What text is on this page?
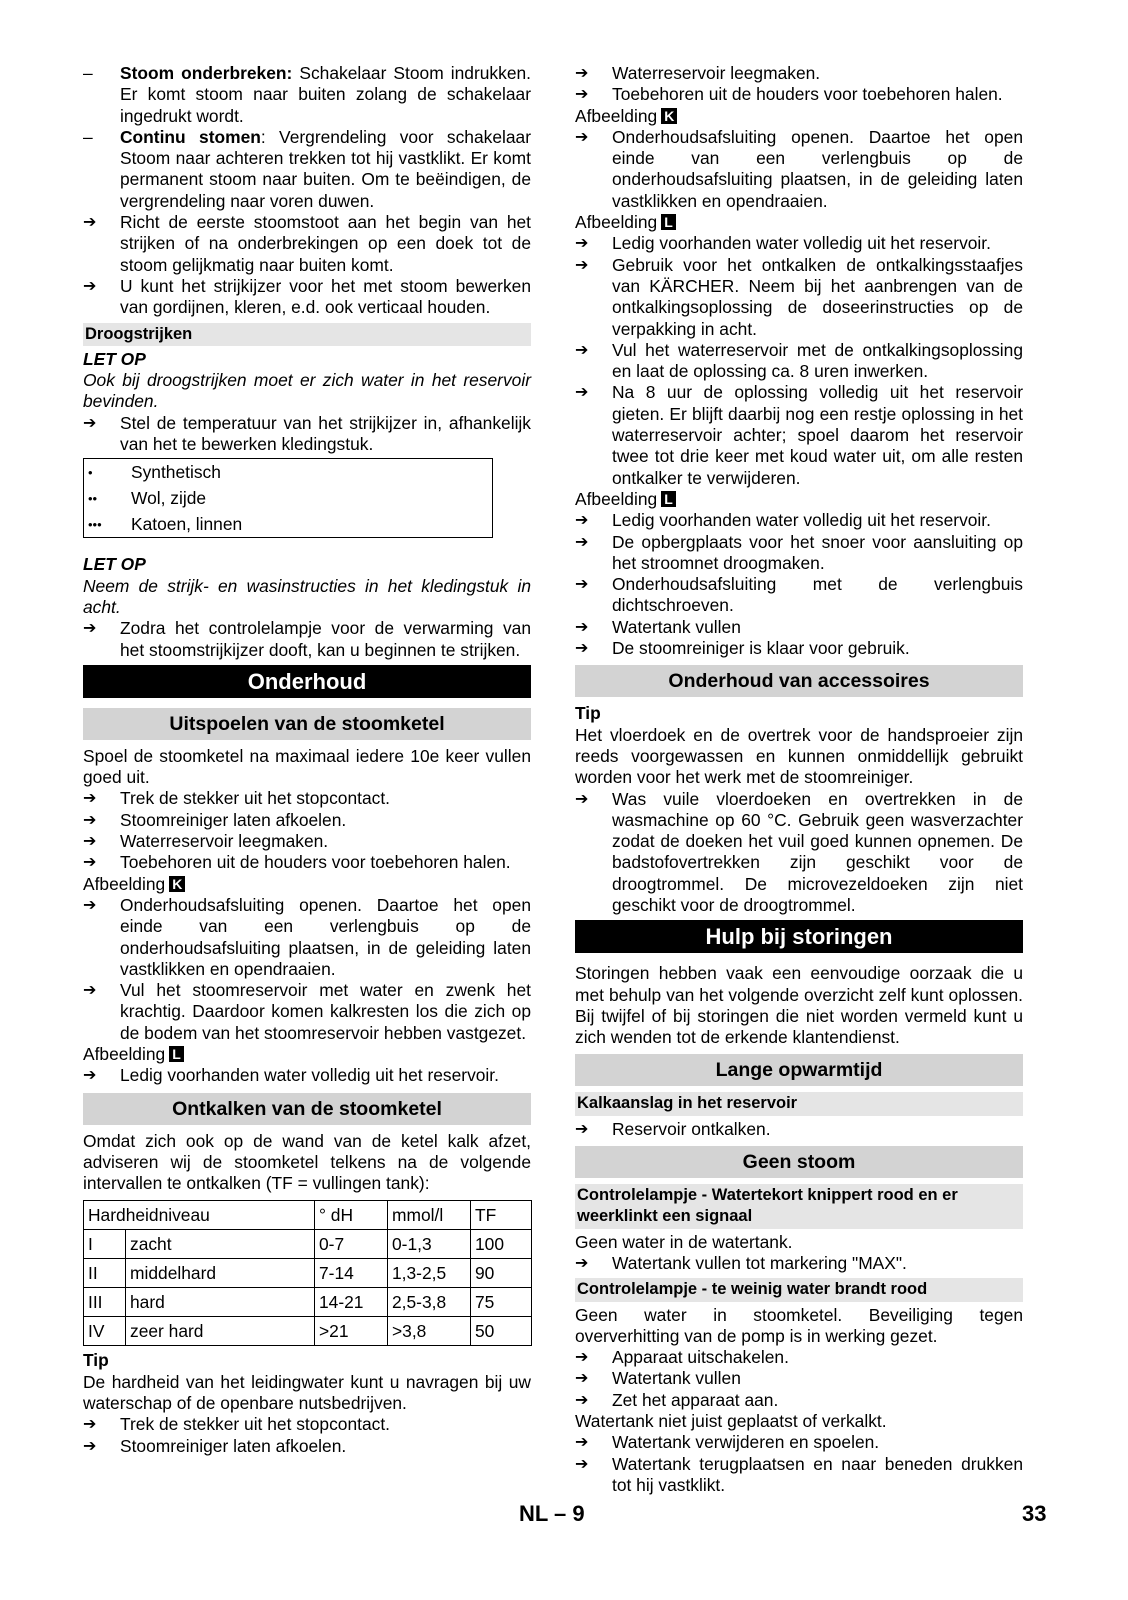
–	Stoom onderbreken: Schakelaar Stoom indrukken. Er komt stoom naar buiten zolang de schakelaar ingedrukt wordt.
–	Continu stomen: Vergrendeling voor schakelaar Stoom naar achteren trekken tot hij vastklikt. Er komt permanent stoom naar buiten. Om te beëindigen, de vergrendeling naar voren duwen.
➔	Richt de eerste stoomstoot aan het begin van het strijken of na onderbrekingen op een doek tot de stoom gelijkmatig naar buiten komt.
➔	U kunt het strijkijzer voor het met stoom bewerken van gordijnen, kleren, e.d. ook verticaal houden.
Droogstrijken
LET OP

Ook bij droogstrijken moet er zich water in het reservoir bevinden.

➔	Stel de temperatuur van het strijkijzer in, afhankelijk van het te bewerken kledingstuk.
•	Synthetisch
••	Wol, zijde
•••	Katoen, linnen
LET OP

Neem de strijk- en wasinstructies in het kledingstuk in acht.

➔	Zodra het controlelampje voor de verwarming van het stoomstrijkijzer dooft, kan u beginnen te strijken.
Onderhoud
Uitspoelen van de stoomketel

Spoel de stoomketel na maximaal iedere 10e keer vullen goed uit.

➔	Trek de stekker uit het stopcontact.
➔	Stoomreiniger laten afkoelen.
➔	Waterreservoir leegmaken.
➔	Toebehoren uit de houders voor toebehoren halen.
Afbeelding K
➔	Onderhoudsafsluiting openen. Daartoe het open einde van een verlengbuis op de onderhoudsafsluiting plaatsen, in de geleiding laten vastklikken en opendraaien.
➔	Vul het stoomreservoir met water en zwenk het krachtig. Daardoor komen kalkresten los die zich op de bodem van het stoomreservoir hebben vastgezet.
Afbeelding L
➔	Ledig voorhanden water volledig uit het reservoir.
Ontkalken van de stoomketel

Omdat zich ook op de wand van de ketel kalk afzet, adviseren wij de stoomketel telkens na de volgende intervallen te ontkalken (TF = vullingen tank):

Hardheidniveau		° dH	mmol/l	TF
I	zacht	0-7	0-1,3	100
II	middelhard	7-14	1,3-2,5	90
III	hard	14-21	2,5-3,8	75
IV	zeer hard	>21	>3,8	50
Tip

De hardheid van het leidingwater kunt u navragen bij uw waterschap of de openbare nutsbedrijven.

➔	Trek de stekker uit het stopcontact.
➔	Stoomreiniger laten afkoelen.
➔	Waterreservoir leegmaken.
➔	Toebehoren uit de houders voor toebehoren halen.
Afbeelding K
➔	Onderhoudsafsluiting openen. Daartoe het open einde van een verlengbuis op de onderhoudsafsluiting plaatsen, in de geleiding laten vastklikken en opendraaien.
Afbeelding L
➔	Ledig voorhanden water volledig uit het reservoir.
➔	Gebruik voor het ontkalken de ontkalkingsstaafjes van KÄRCHER. Neem bij het aanbrengen van de ontkalkingsoplossing de doseerinstructies op de verpakking in acht.
➔	Vul het waterreservoir met de ontkalkingsoplossing en laat de oplossing ca. 8 uren inwerken.
➔	Na 8 uur de oplossing volledig uit het reservoir gieten. Er blijft daarbij nog een restje oplossing in het waterreservoir achter; spoel daarom het reservoir twee tot drie keer met koud water uit, om alle resten ontkalker te verwijderen.
Afbeelding L
➔	Ledig voorhanden water volledig uit het reservoir.
➔	De opbergplaats voor het snoer voor aansluiting op het stroomnet droogmaken.
➔	Onderhoudsafsluiting met de verlengbuis dichtschroeven.
➔	Watertank vullen
➔	De stoomreiniger is klaar voor gebruik.
Onderhoud van accessoires
Tip

Het vloerdoek en de overtrek voor de handsproeier zijn reeds voorgewassen en kunnen onmiddellijk gebruikt worden voor het werk met de stoomreiniger.

➔	Was vuile vloerdoeken en overtrekken in de wasmachine op 60 °C. Gebruik geen wasverzachter zodat de doeken het vuil goed kunnen opnemen. De badstofovertrekken zijn geschikt voor de droogtrommel. De microvezeldoeken zijn niet geschikt voor de droogtrommel.
Hulp bij storingen

Storingen hebben vaak een eenvoudige oorzaak die u met behulp van het volgende overzicht zelf kunt oplossen. Bij twijfel of bij storingen die niet worden vermeld kunt u zich wenden tot de erkende klantendienst.

Lange opwarmtijd
Kalkaanslag in het reservoir
➔	Reservoir ontkalken.
Geen stoom
Controlelampje - Watertekort knippert rood en er weerklinkt een signaal

Geen water in de watertank.

➔	Watertank vullen tot markering "MAX".
Controlelampje - te weinig water brandt rood

Geen water in stoomketel. Beveiliging tegen oververhitting van de pomp is in werking gezet.

➔	Apparaat uitschakelen.
➔	Watertank vullen
➔	Zet het apparaat aan.

Watertank niet juist geplaatst of verkalkt.

➔	Watertank verwijderen en spoelen.
➔	Watertank terugplaatsen en naar beneden drukken tot hij vastklikt.
NL – 9	33
